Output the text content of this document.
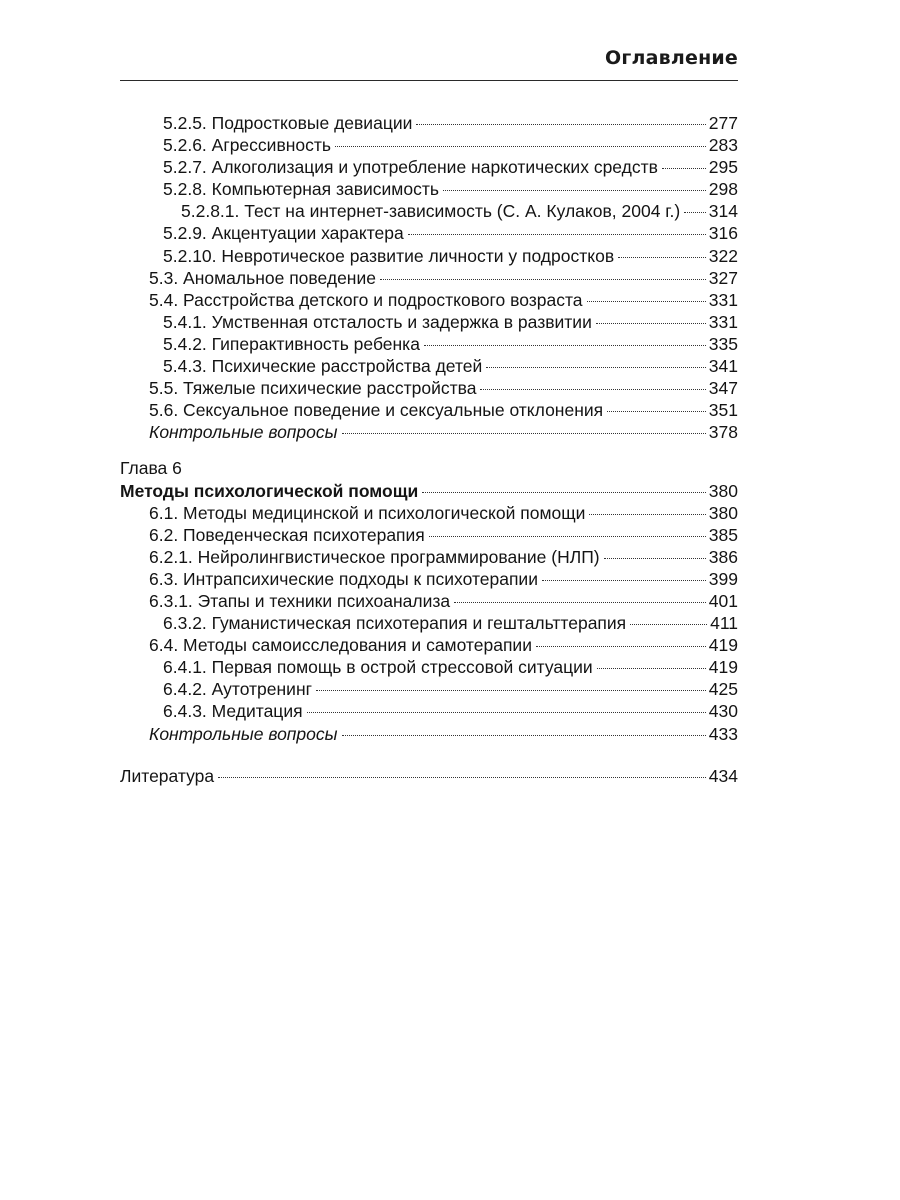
Оглавление
5.2.5. Подростковые девиации	277
5.2.6. Агрессивность	283
5.2.7. Алкоголизация и употребление наркотических средств	295
5.2.8. Компьютерная зависимость	298
5.2.8.1. Тест на интернет-зависимость (С. А. Кулаков, 2004 г.) 314
5.2.9. Акцентуации характера	316
5.2.10. Невротическое развитие личности у подростков	322
5.3. Аномальное поведение	327
5.4. Расстройства детского и подросткового возраста	331
5.4.1. Умственная отсталость и задержка в развитии	331
5.4.2. Гиперактивность ребенка	335
5.4.3. Психические расстройства детей	341
5.5. Тяжелые психические расстройства	347
5.6. Сексуальное поведение и сексуальные отклонения	351
Контрольные вопросы	378
Глава 6
Методы психологической помощи	380
6.1. Методы медицинской и психологической помощи	380
6.2. Поведенческая психотерапия	385
6.2.1. Нейролингвистическое программирование (НЛП)	386
6.3. Интрапсихические подходы к психотерапии	399
6.3.1. Этапы и техники психоанализа	401
6.3.2. Гуманистическая психотерапия и гештальттерапия	411
6.4. Методы самоисследования и самотерапии	419
6.4.1. Первая помощь в острой стрессовой ситуации	419
6.4.2. Аутотренинг	425
6.4.3. Медитация	430
Контрольные вопросы	433
Литература	434
